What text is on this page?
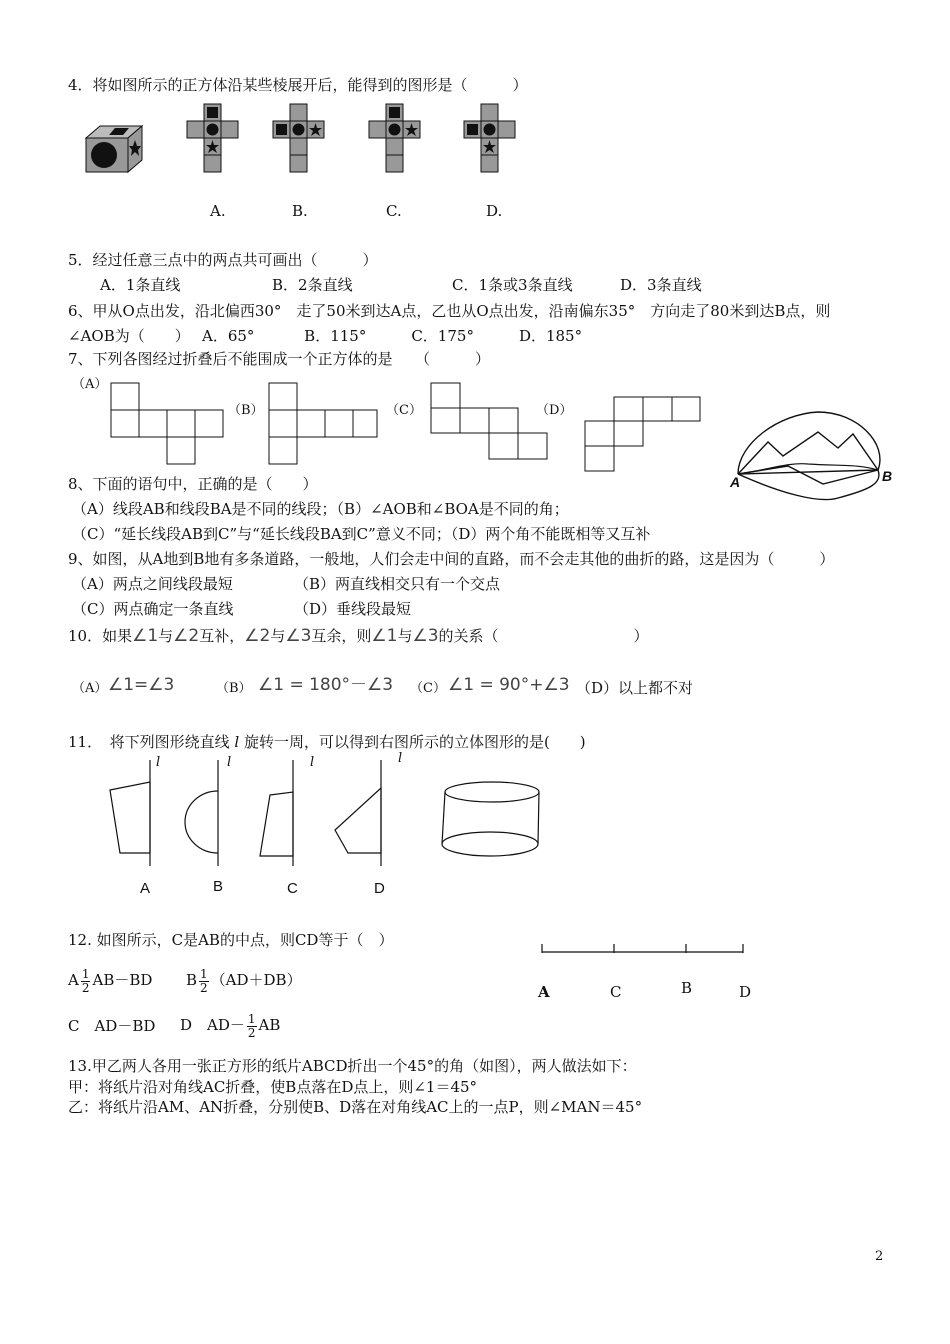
4．将如图所示的正方体沿某些棱展开后，能得到的图形是（　　　）
A.	B.	C.	D.
5．经过任意三点中的两点共可画出（　　　）
A．1条直线	B．2条直线	C．1条或3条直线	D．3条直线
6、甲从O点出发，沿北偏西30°　走了50米到达A点，乙也从O点出发，沿南偏东35°　方向走了80米到达B点，则
∠AOB为（　　）　 A．65°　　　 B．115°　　　C．175°　　　D．185°
7、下列各图经过折叠后不能围成一个正方体的是　　（　　　）
（A）
（B）	（C）	（D）
A	B
8、下面的语句中，正确的是（　　）
（A）线段AB和线段BA是不同的线段；（B）∠AOB和∠BOA是不同的角；
（C）“延长线段AB到C”与“延长线段BA到C”意义不同；（D）两个角不能既相等又互补
9、如图，从A地到B地有多条道路，一般地，人们会走中间的直路，而不会走其他的曲折的路，这是因为（　　　）
（A）两点之间线段最短	（B）两直线相交只有一个交点
（C）两点确定一条直线	（D）垂线段最短
10．如果∠1与∠2互补，∠2与∠3互余，则∠1与∠3的关系（　　　　　　　　　）
（A） ∠1=∠3	（B） ∠1 = 180°－∠3 （C） ∠1 = 90°+∠3 （D）以上都不对
11．　将下列图形绕直线 l 旋转一周，可以得到右图所示的立体图形的是(　　)
l	l	l	l
A	B	C	D
12. 如图所示，C是AB的中点，则CD等于（　）
A $\frac{1}{2} AB-BD$ B $\frac{1}{2} (AD+DB)$
C　AD－BD D　$AD- \frac{1}{2}$ AB
A	C	B	D
13.甲乙两人各用一张正方形的纸片ABCD折出一个45°的角（如图），两人做法如下：
甲：将纸片沿对角线AC折叠，使B点落在D点上，则∠1＝45°
乙：将纸片沿AM、AN折叠，分别使B、D落在对角线AC上的一点P，则∠MAN＝45°
2
